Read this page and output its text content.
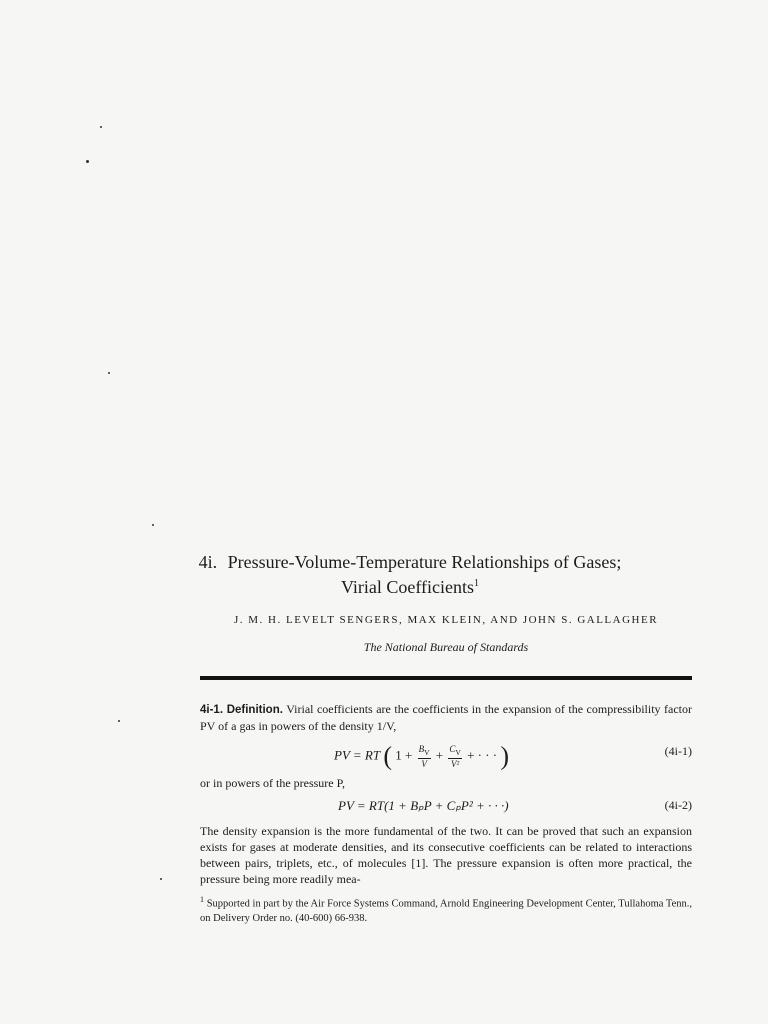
4i. Pressure-Volume-Temperature Relationships of Gases;
Virial Coefficients$^1$
J. M. H. LEVELT SENGERS, MAX KLEIN, AND JOHN S. GALLAGHER
The National Bureau of Standards
4i-1. Definition. Virial coefficients are the coefficients in the expansion of the compressibility factor PV of a gas in powers of the density 1/V,
PV = RT ( $1 + \frac{B_V}{V} + \frac{C_V}{\text{V²}}$ + · · · )	(4i-1)
or in powers of the pressure P,
PV = RT(1 + BₚP + CₚP² + · · ·)	(4i-2)
The density expansion is the more fundamental of the two. It can be proved that such an expansion exists for gases at moderate densities, and its consecutive coefficients can be related to interactions between pairs, triplets, etc., of molecules [1]. The pressure expansion is often more practical, the pressure being more readily mea-
$^1$ Supported in part by the Air Force Systems Command, Arnold Engineering Development Center, Tullahoma Tenn., on Delivery Order no. (40-600) 66-938.
